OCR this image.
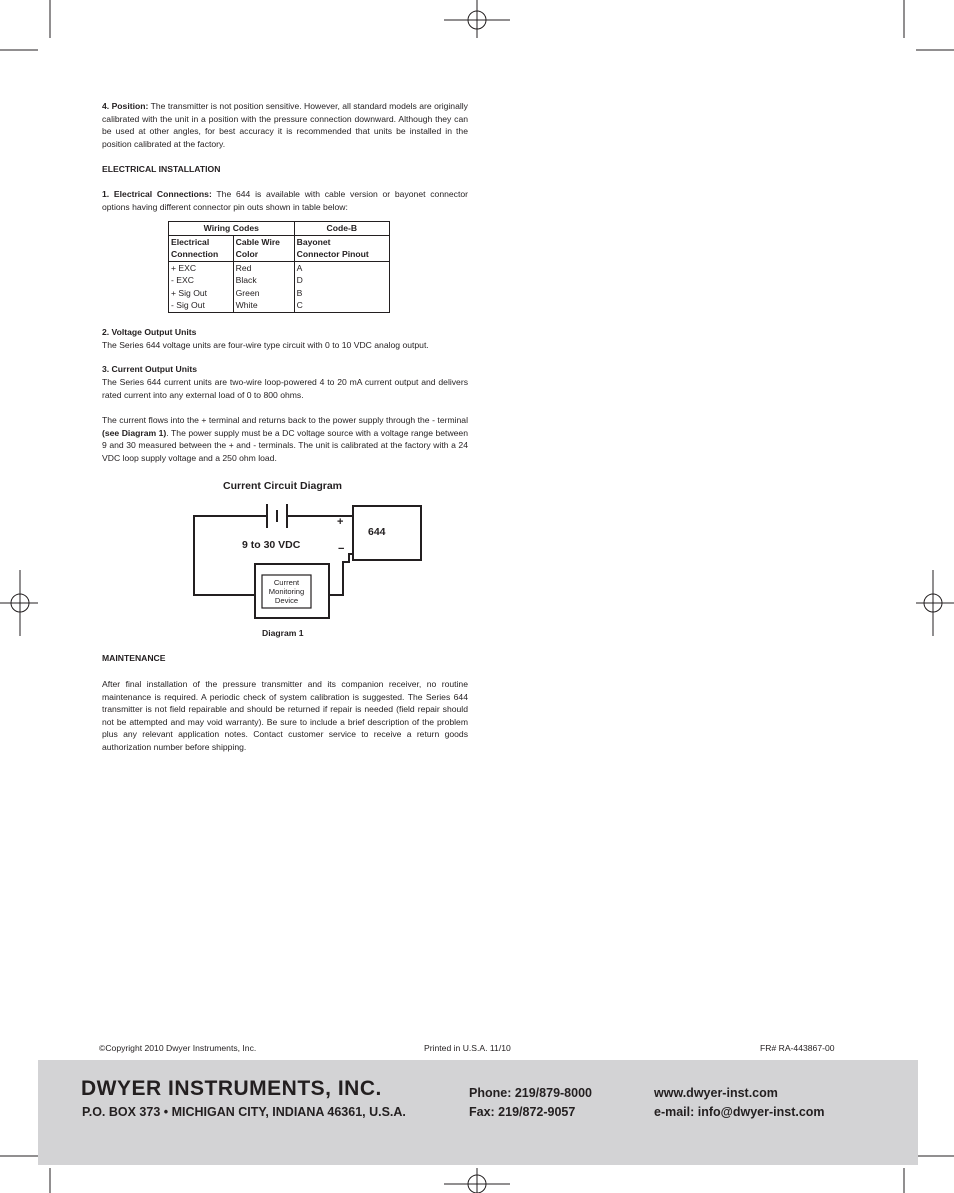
4. Position: The transmitter is not position sensitive. However, all standard models are originally calibrated with the unit in a position with the pressure connection downward. Although they can be used at other angles, for best accuracy it is recommended that units be installed in the position calibrated at the factory.

ELECTRICAL INSTALLATION

1. Electrical Connections: The 644 is available with cable version or bayonet connector options having different connector pin outs shown in table below:

Wiring Codes		Code-B
Electrical	Cable Wire	Bayonet
Connection	Color	Connector Pinout
+ EXC	Red	A
- EXC	Black	D
+ Sig Out	Green	B
- Sig Out	White	C

2. Voltage Output Units

The Series 644 voltage units are four-wire type circuit with 0 to 10 VDC analog output.

3. Current Output Units

The Series 644 current units are two-wire loop-powered 4 to 20 mA current output and delivers rated current into any external load of 0 to 800 ohms.

The current flows into the + terminal and returns back to the power supply through the - terminal (see Diagram 1). The power supply must be a DC voltage source with a voltage range between 9 and 30 measured between the + and - terminals. The unit is calibrated at the factory with a 24 VDC loop supply voltage and a 250 ohm load.

9 to 30 VDC
644
+
−
Current
Monitoring
Device
Current Circuit Diagram
Diagram 1

MAINTENANCE

After final installation of the pressure transmitter and its companion receiver, no routine maintenance is required. A periodic check of system calibration is suggested. The Series 644 transmitter is not field repairable and should be returned if repair is needed (field repair should not be attempted and may void warranty). Be sure to include a brief description of the problem plus any relevant application notes. Contact customer service to receive a return goods authorization number before shipping.

©Copyright 2010 Dwyer Instruments, Inc.	Printed in U.S.A. 11/10	FR# RA-443867-00
DWYER INSTRUMENTS, INC.
P.O. BOX 373 • MICHIGAN CITY, INDIANA 46361, U.S.A.
Phone: 219/879-8000
Fax: 219/872-9057
www.dwyer-inst.com
e-mail: info@dwyer-inst.com
